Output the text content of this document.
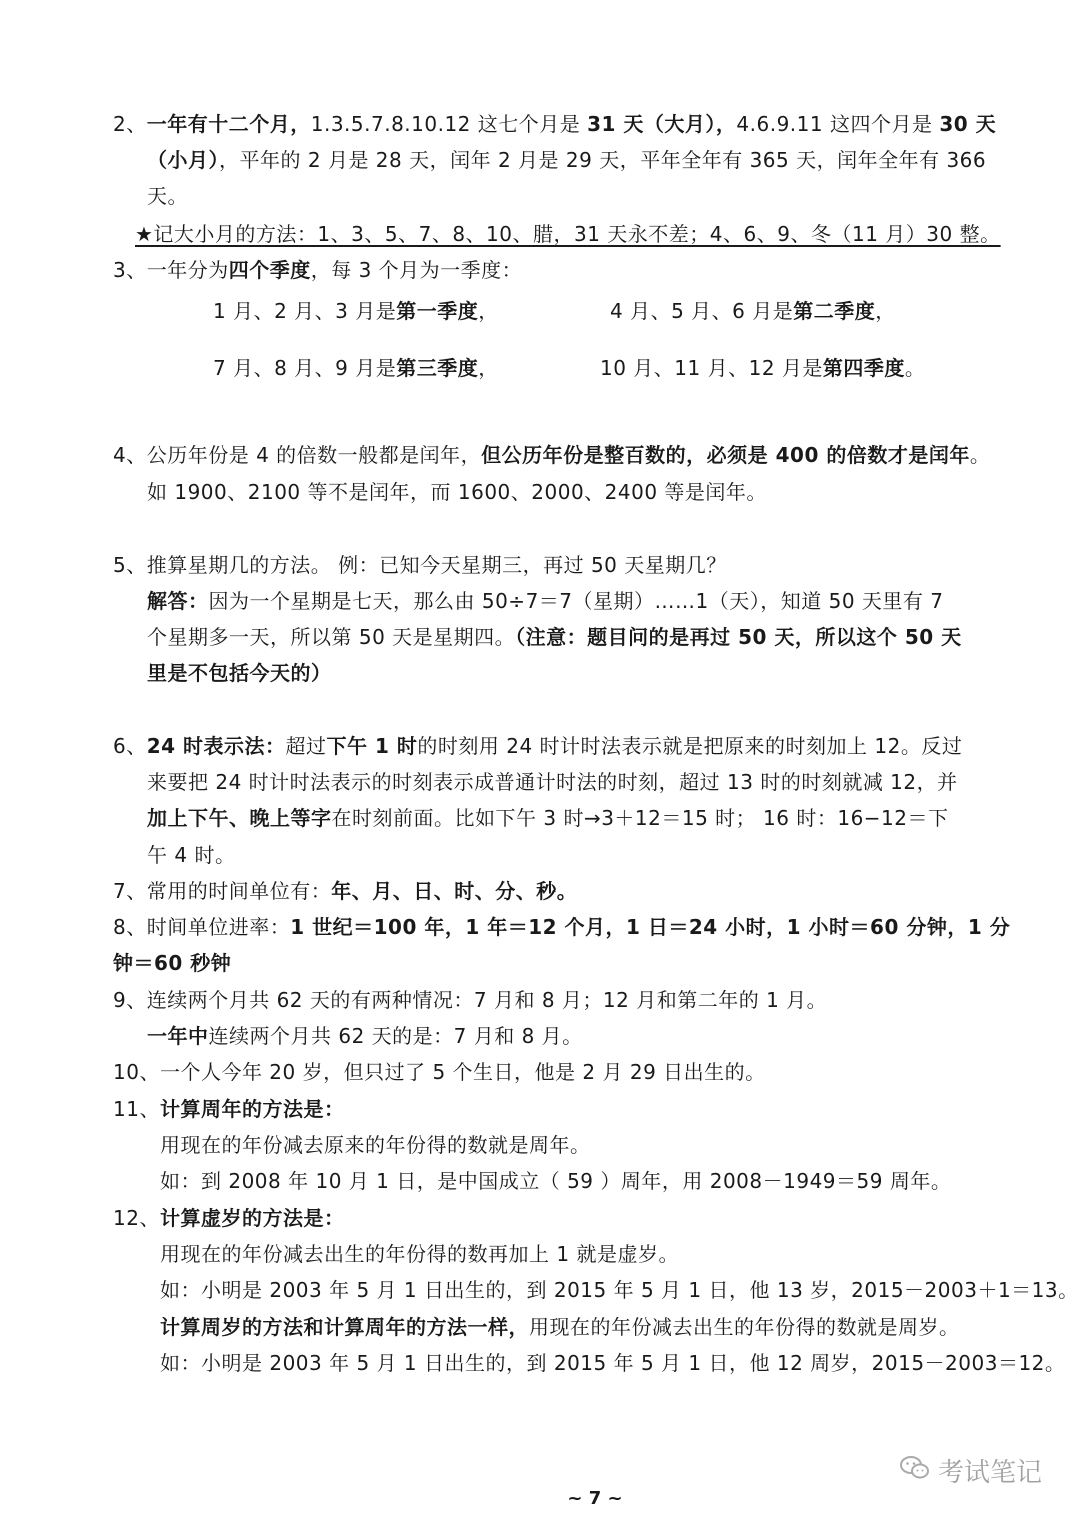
2、一年有十二个月，1.3.5.7.8.10.12 这七个月是 31 天（大月），4.6.9.11 这四个月是 30 天
（小月），平年的 2 月是 28 天，闰年 2 月是 29 天，平年全年有 365 天，闰年全年有 366
天。
★记大小月的方法：1、3、5、7、8、10、腊，31 天永不差；4、6、9、冬（11 月）30 整。
3、一年分为四个季度，每 3 个月为一季度：
1 月、2 月、3 月是第一季度，	4 月、5 月、6 月是第二季度，
7 月、8 月、9 月是第三季度，	10 月、11 月、12 月是第四季度。
4、公历年份是 4 的倍数一般都是闰年，但公历年份是整百数的，必须是 400 的倍数才是闰年。
如 1900、2100 等不是闰年，而 1600、2000、2400 等是闰年。
5、推算星期几的方法。 例：已知今天星期三，再过 50 天星期几？
解答：因为一个星期是七天，那么由 50÷7＝7（星期）……1（天），知道 50 天里有 7
个星期多一天，所以第 50 天是星期四。（注意：题目问的是再过 50 天，所以这个 50 天
里是不包括今天的）
6、24 时表示法：超过下午 1 时的时刻用 24 时计时法表示就是把原来的时刻加上 12。反过
来要把 24 时计时法表示的时刻表示成普通计时法的时刻，超过 13 时的时刻就减 12，并
加上下午、晚上等字在时刻前面。比如下午 3 时→3＋12＝15 时； 16 时：16−12＝下
午 4 时。
7、常用的时间单位有：年、月、日、时、分、秒。
8、时间单位进率：1 世纪＝100 年，1 年＝12 个月，1 日＝24 小时，1 小时＝60 分钟，1 分
钟＝60 秒钟
9、连续两个月共 62 天的有两种情况：7 月和 8 月；12 月和第二年的 1 月。
一年中连续两个月共 62 天的是：7 月和 8 月。
10、一个人今年 20 岁，但只过了 5 个生日，他是 2 月 29 日出生的。
11、计算周年的方法是：
用现在的年份减去原来的年份得的数就是周年。
如：到 2008 年 10 月 1 日，是中国成立（ 59 ）周年，用 2008－1949＝59 周年。
12、计算虚岁的方法是：
用现在的年份减去出生的年份得的数再加上 1 就是虚岁。
如：小明是 2003 年 5 月 1 日出生的，到 2015 年 5 月 1 日，他 13 岁，2015－2003＋1＝13。
计算周岁的方法和计算周年的方法一样，用现在的年份减去出生的年份得的数就是周岁。
如：小明是 2003 年 5 月 1 日出生的，到 2015 年 5 月 1 日，他 12 周岁，2015－2003＝12。
考试笔记
~ 7 ~
